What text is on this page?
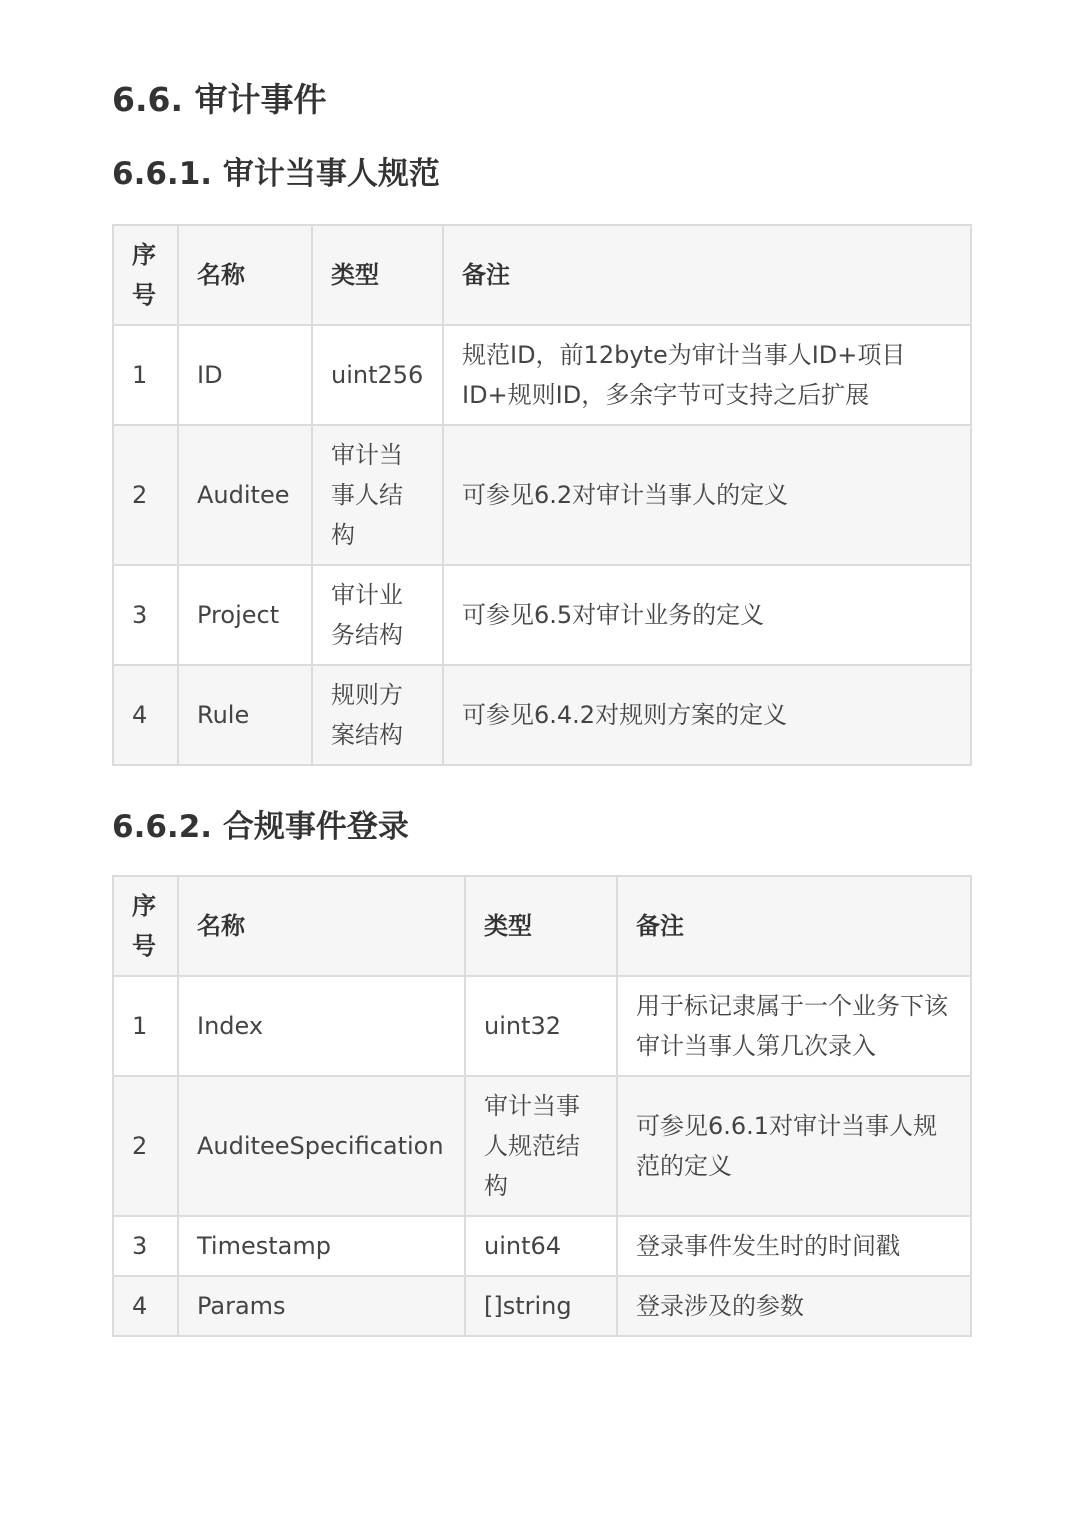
6.6. 审计事件
6.6.1. 审计当事人规范
序号	名称	类型	备注
1	ID	uint256	规范ID，前12byte为审计当事人ID+项目ID+规则ID，多余字节可支持之后扩展
2	Auditee	审计当事人结构	可参见6.2对审计当事人的定义
3	Project	审计业务结构	可参见6.5对审计业务的定义
4	Rule	规则方案结构	可参见6.4.2对规则方案的定义
6.6.2. 合规事件登录
序号	名称	类型	备注
1	Index	uint32	用于标记隶属于一个业务下该审计当事人第几次录入
2	AuditeeSpecification	审计当事人规范结构	可参见6.6.1对审计当事人规范的定义
3	Timestamp	uint64	登录事件发生时的时间戳
4	Params	[]string	登录涉及的参数
